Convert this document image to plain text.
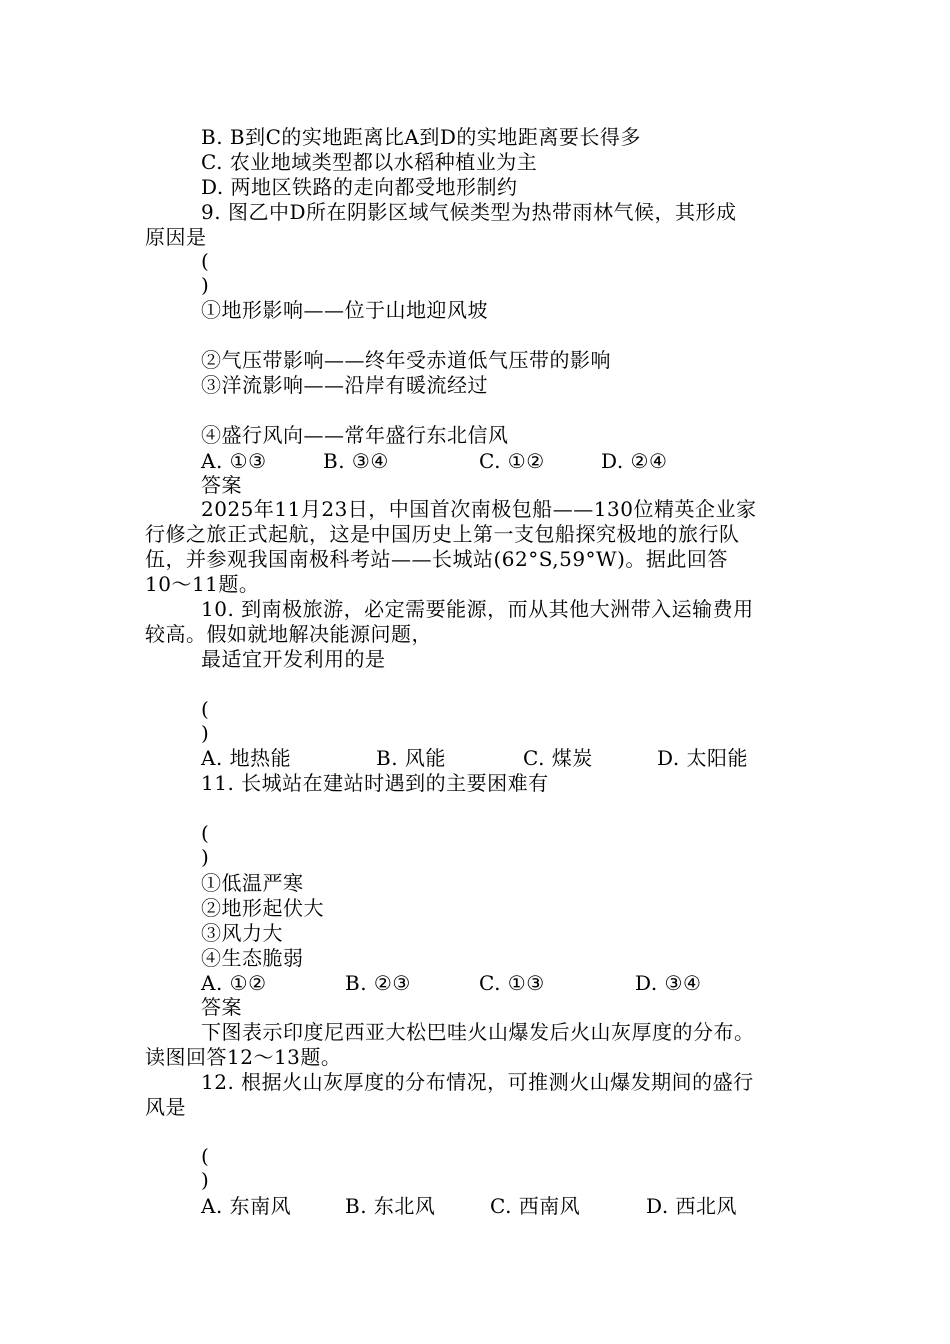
B. B到C的实地距离比A到D的实地距离要长得多
C. 农业地域类型都以水稻种植业为主
D. 两地区铁路的走向都受地形制约
9. 图乙中D所在阴影区域气候类型为热带雨林气候，其形成
原因是
(
)
①地形影响——位于山地迎风坡
②气压带影响——终年受赤道低气压带的影响
③洋流影响——沿岸有暖流经过
④盛行风向——常年盛行东北信风
A. ①③	B. ③④	C. ①②	D. ②④
答案
2025年11月23日，中国首次南极包船——130位精英企业家
行修之旅正式起航，这是中国历史上第一支包船探究极地的旅行队
伍，并参观我国南极科考站——长城站(62°S,59°W)。据此回答
10～11题。
10. 到南极旅游，必定需要能源，而从其他大洲带入运输费用
较高。假如就地解决能源问题，
最适宜开发利用的是
(
)
A. 地热能	B. 风能	C. 煤炭	D. 太阳能
11. 长城站在建站时遇到的主要困难有
(
)
①低温严寒
②地形起伏大
③风力大
④生态脆弱
A. ①②	B. ②③	C. ①③	D. ③④
答案
下图表示印度尼西亚大松巴哇火山爆发后火山灰厚度的分布。
读图回答12～13题。
12. 根据火山灰厚度的分布情况，可推测火山爆发期间的盛行
风是
(
)
A. 东南风	B. 东北风	C. 西南风	D. 西北风
